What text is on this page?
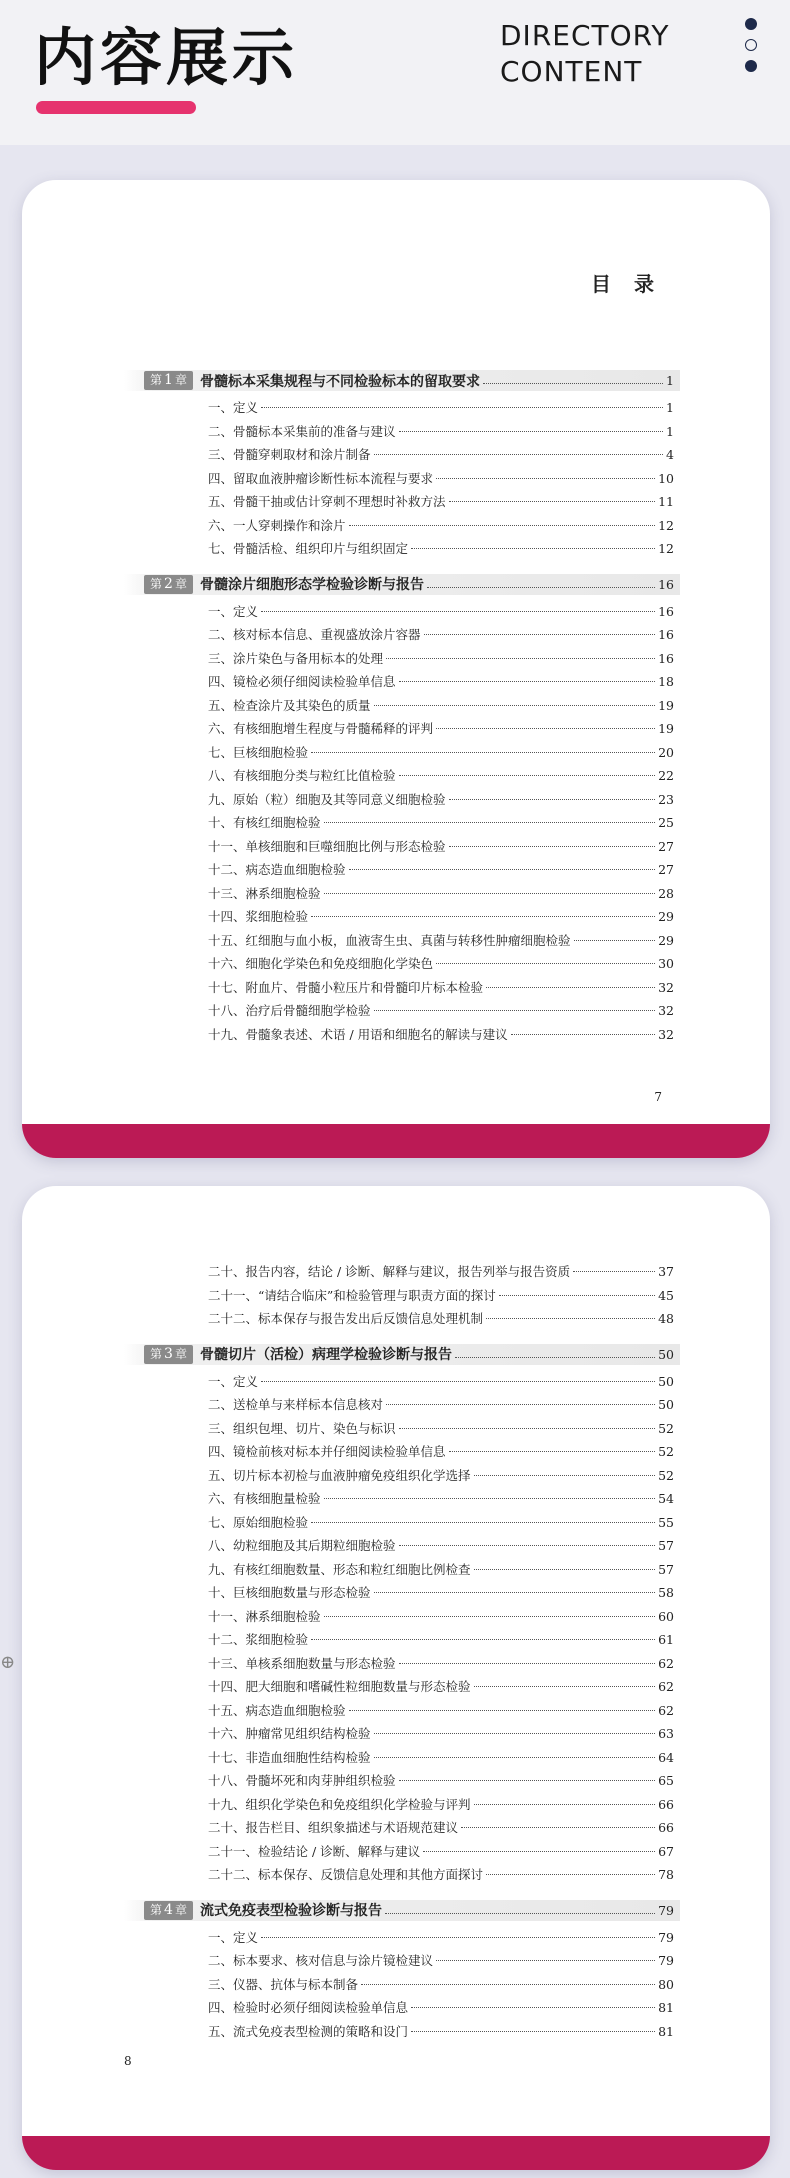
内容展示	DIRECTORY
CONTENT
目 录
第 1 章 骨髓标本采集规程与不同检验标本的留取要求	1
一、定义	1
二、骨髓标本采集前的准备与建议	1
三、骨髓穿刺取材和涂片制备	4
四、留取血液肿瘤诊断性标本流程与要求	10
五、骨髓干抽或估计穿刺不理想时补救方法	11
六、一人穿刺操作和涂片	12
七、骨髓活检、组织印片与组织固定	12
第 2 章 骨髓涂片细胞形态学检验诊断与报告	16
一、定义	16
二、核对标本信息、重视盛放涂片容器	16
三、涂片染色与备用标本的处理	16
四、镜检必须仔细阅读检验单信息	18
五、检查涂片及其染色的质量	19
六、有核细胞增生程度与骨髓稀释的评判	19
七、巨核细胞检验	20
八、有核细胞分类与粒红比值检验	22
九、原始（粒）细胞及其等同意义细胞检验	23
十、有核红细胞检验	25
十一、单核细胞和巨噬细胞比例与形态检验	27
十二、病态造血细胞检验	27
十三、淋系细胞检验	28
十四、浆细胞检验	29
十五、红细胞与血小板，血液寄生虫、真菌与转移性肿瘤细胞检验	29
十六、细胞化学染色和免疫细胞化学染色	30
十七、附血片、骨髓小粒压片和骨髓印片标本检验	32
十八、治疗后骨髓细胞学检验	32
十九、骨髓象表述、术语 / 用语和细胞名的解读与建议	32
7
二十、报告内容，结论 / 诊断、解释与建议，报告列举与报告资质	37
二十一、“请结合临床”和检验管理与职责方面的探讨	45
二十二、标本保存与报告发出后反馈信息处理机制	48
第 3 章 骨髓切片（活检）病理学检验诊断与报告	50
一、定义	50
二、送检单与来样标本信息核对	50
三、组织包埋、切片、染色与标识	52
四、镜检前核对标本并仔细阅读检验单信息	52
五、切片标本初检与血液肿瘤免疫组织化学选择	52
六、有核细胞量检验	54
七、原始细胞检验	55
八、幼粒细胞及其后期粒细胞检验	57
九、有核红细胞数量、形态和粒红细胞比例检查	57
十、巨核细胞数量与形态检验	58
十一、淋系细胞检验	60
十二、浆细胞检验	61
十三、单核系细胞数量与形态检验	62
十四、肥大细胞和嗜碱性粒细胞数量与形态检验	62
十五、病态造血细胞检验	62
十六、肿瘤常见组织结构检验	63
十七、非造血细胞性结构检验	64
十八、骨髓坏死和肉芽肿组织检验	65
十九、组织化学染色和免疫组织化学检验与评判	66
二十、报告栏目、组织象描述与术语规范建议	66
二十一、检验结论 / 诊断、解释与建议	67
二十二、标本保存、反馈信息处理和其他方面探讨	78
第 4 章 流式免疫表型检验诊断与报告	79
一、定义	79
二、标本要求、核对信息与涂片镜检建议	79
三、仪器、抗体与标本制备	80
四、检验时必须仔细阅读检验单信息	81
五、流式免疫表型检测的策略和设门	81
8
⊕
